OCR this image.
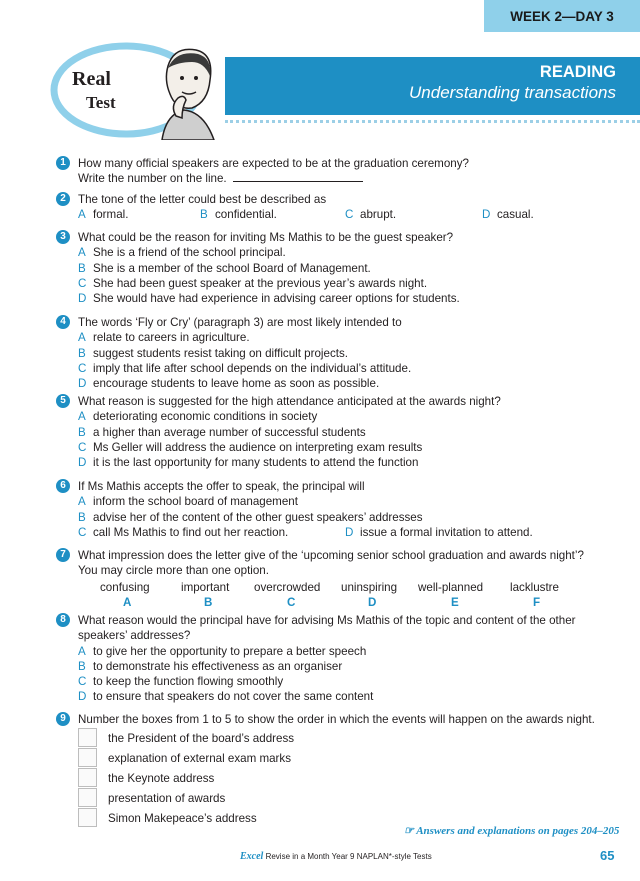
WEEK 2—DAY 3
READING
Understanding transactions
Real
Test
1	How many official speakers are expected to be at the graduation ceremony?
Write the number on the line.
2	The tone of the letter could best be described as
A formal.	B confidential.	C abrupt.	D casual.
3	What could be the reason for inviting Ms Mathis to be the guest speaker?
A She is a friend of the school principal.
B She is a member of the school Board of Management.
C She had been guest speaker at the previous year’s awards night.
D She would have had experience in advising career options for students.
4	The words ‘Fly or Cry’ (paragraph 3) are most likely intended to
A relate to careers in agriculture.
B suggest students resist taking on difficult projects.
C imply that life after school depends on the individual’s attitude.
D encourage students to leave home as soon as possible.
5	What reason is suggested for the high attendance anticipated at the awards night?
A deteriorating economic conditions in society
B a higher than average number of successful students
C Ms Geller will address the audience on interpreting exam results
D it is the last opportunity for many students to attend the function
6	If Ms Mathis accepts the offer to speak, the principal will
A inform the school board of management
B advise her of the content of the other guest speakers’ addresses
C call Ms Mathis to find out her reaction.	D issue a formal invitation to attend.
7	What impression does the letter give of the ‘upcoming senior school graduation and awards night’?
You may circle more than one option.
confusing	important overcrowded uninspiring well-planned lacklustre
A	B	C	D	E	F
8	What reason would the principal have for advising Ms Mathis of the topic and content of the other
speakers’ addresses?
A to give her the opportunity to prepare a better speech
B to demonstrate his effectiveness as an organiser
C to keep the function flowing smoothly
D to ensure that speakers do not cover the same content
9	Number the boxes from 1 to 5 to show the order in which the events will happen on the awards night.
the President of the board’s address
explanation of external exam marks
the Keynote address
presentation of awards
Simon Makepeace’s address
☞ Answers and explanations on pages 204–205
Excel Revise in a Month Year 9 NAPLAN*-style Tests	65
